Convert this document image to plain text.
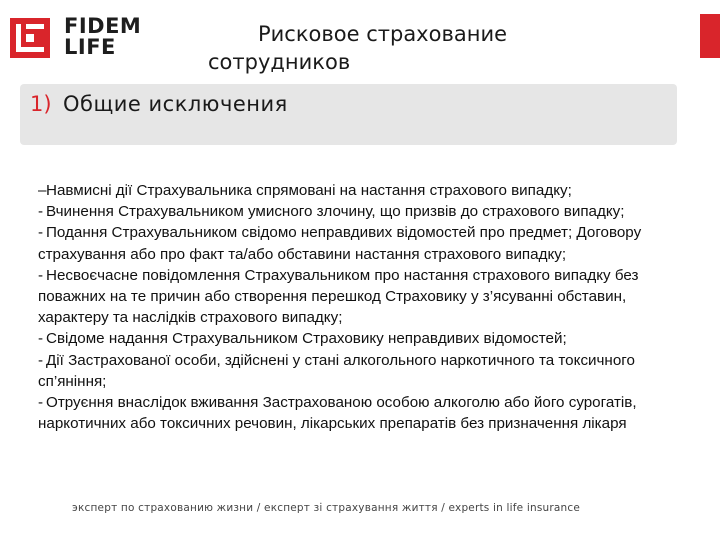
FIDEM
LIFE
Рисковое страхование
сотрудников
1) Общие исключения

–Навмисні дії Страхувальника спрямовані на настання страхового випадку;

- Вчинення Страхувальником умисного злочину, що призвів до страхового випадку;

- Подання Страхувальником свідомо неправдивих відомостей про предмет; Договору страхування або про факт та/або обставини настання страхового випадку;

- Несвоєчасне повідомлення Страхувальником про настання страхового випадку без поважних на те причин або створення перешкод Страховику у з’ясуванні обставин, характеру та наслідків страхового випадку;

- Свідоме надання Страхувальником Страховику неправдивих відомостей;

- Дії Застрахованої особи, здійснені у стані алкогольного наркотичного та токсичного сп’яніння;

- Отруєння внаслідок вживання Застрахованою особою алкоголю або його сурогатів, наркотичних або токсичних речовин, лікарських препаратів без призначення лікаря

эксперт по страхованию жизни / експерт зі страхування життя / experts in life insurance
